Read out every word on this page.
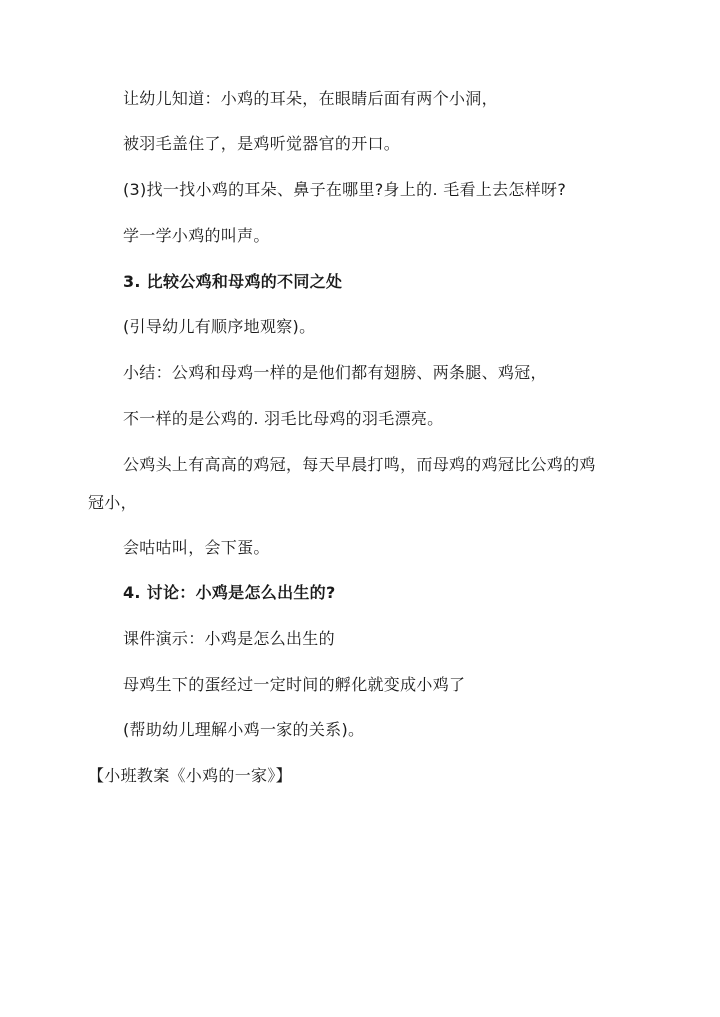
让幼儿知道：小鸡的耳朵，在眼睛后面有两个小洞，
被羽毛盖住了，是鸡听觉器官的开口。
(3)找一找小鸡的耳朵、鼻子在哪里?身上的. 毛看上去怎样呀?
学一学小鸡的叫声。
3. 比较公鸡和母鸡的不同之处
(引导幼儿有顺序地观察)。
小结：公鸡和母鸡一样的是他们都有翅膀、两条腿、鸡冠，
不一样的是公鸡的. 羽毛比母鸡的羽毛漂亮。
公鸡头上有高高的鸡冠，每天早晨打鸣，而母鸡的鸡冠比公鸡的鸡
冠小，
会咕咕叫，会下蛋。
4. 讨论：小鸡是怎么出生的?
课件演示：小鸡是怎么出生的
母鸡生下的蛋经过一定时间的孵化就变成小鸡了
(帮助幼儿理解小鸡一家的关系)。
【小班教案《小鸡的一家》】
